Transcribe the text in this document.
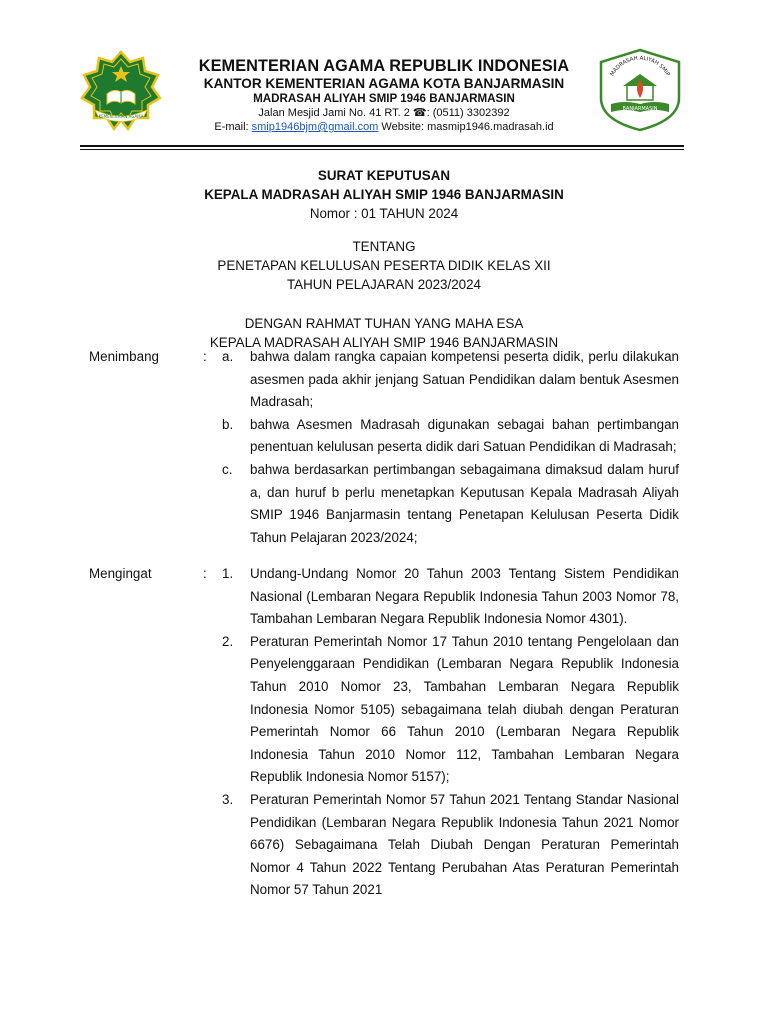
KEMENTERIAN AGAMA
MADRASAH ALIYAH SMIP
BANJARMASIN
KEMENTERIAN AGAMA REPUBLIK INDONESIA
KANTOR KEMENTERIAN AGAMA KOTA BANJARMASIN
MADRASAH ALIYAH SMIP 1946 BANJARMASIN
Jalan Mesjid Jami No. 41 RT. 2 ☎: (0511) 3302392
E-mail: smip1946bjm@gmail.com Website: masmip1946.madrasah.id
SURAT KEPUTUSAN
KEPALA MADRASAH ALIYAH SMIP 1946 BANJARMASIN
Nomor : 01 TAHUN 2024
TENTANG
PENETAPAN KELULUSAN PESERTA DIDIK KELAS XII
TAHUN PELAJARAN 2023/2024
DENGAN RAHMAT TUHAN YANG MAHA ESA
KEPALA MADRASAH ALIYAH SMIP 1946 BANJARMASIN
Menimbang	: a. bahwa dalam rangka capaian kompetensi peserta didik, perlu dilakukan asesmen pada akhir jenjang Satuan Pendidikan dalam bentuk Asesmen Madrasah;
b. bahwa Asesmen Madrasah digunakan sebagai bahan pertimbangan penentuan kelulusan peserta didik dari Satuan Pendidikan di Madrasah;
c. bahwa berdasarkan pertimbangan sebagaimana dimaksud dalam huruf a, dan huruf b perlu menetapkan Keputusan Kepala Madrasah Aliyah SMIP 1946 Banjarmasin tentang Penetapan Kelulusan Peserta Didik Tahun Pelajaran 2023/2024;
Mengingat	: 1. Undang-Undang Nomor 20 Tahun 2003 Tentang Sistem Pendidikan Nasional (Lembaran Negara Republik Indonesia Tahun 2003 Nomor 78, Tambahan Lembaran Negara Republik Indonesia Nomor 4301).
2. Peraturan Pemerintah Nomor 17 Tahun 2010 tentang Pengelolaan dan Penyelenggaraan Pendidikan (Lembaran Negara Republik Indonesia Tahun 2010 Nomor 23, Tambahan Lembaran Negara Republik Indonesia Nomor 5105) sebagaimana telah diubah dengan Peraturan Pemerintah Nomor 66 Tahun 2010 (Lembaran Negara Republik Indonesia Tahun 2010 Nomor 112, Tambahan Lembaran Negara Republik Indonesia Nomor 5157);
3. Peraturan Pemerintah Nomor 57 Tahun 2021 Tentang Standar Nasional Pendidikan (Lembaran Negara Republik Indonesia Tahun 2021 Nomor 6676) Sebagaimana Telah Diubah Dengan Peraturan Pemerintah Nomor 4 Tahun 2022 Tentang Perubahan Atas Peraturan Pemerintah Nomor 57 Tahun 2021
